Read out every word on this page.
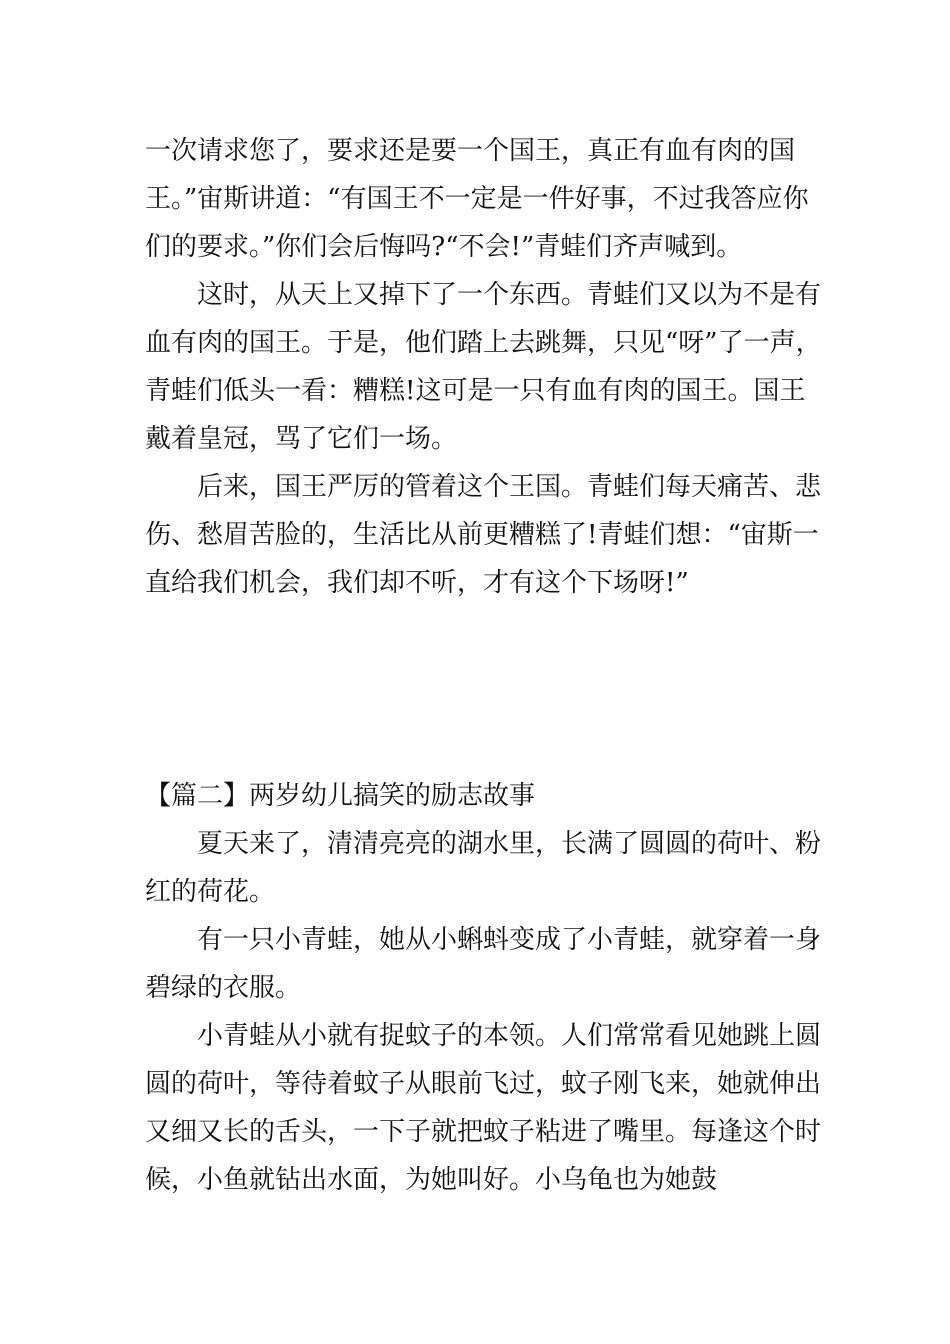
一次请求您了，要求还是要一个国王，真正有血有肉的国王。”宙斯讲道：“有国王不一定是一件好事，不过我答应你们的要求。”你们会后悔吗?“不会!”青蛙们齐声喊到。

这时，从天上又掉下了一个东西。青蛙们又以为不是有血有肉的国王。于是，他们踏上去跳舞，只见“呀”了一声，青蛙们低头一看：糟糕!这可是一只有血有肉的国王。国王戴着皇冠，骂了它们一场。

后来，国王严厉的管着这个王国。青蛙们每天痛苦、悲伤、愁眉苦脸的，生活比从前更糟糕了!青蛙们想：“宙斯一直给我们机会，我们却不听，才有这个下场呀!”

【篇二】两岁幼儿搞笑的励志故事

夏天来了，清清亮亮的湖水里，长满了圆圆的荷叶、粉红的荷花。

有一只小青蛙，她从小蝌蚪变成了小青蛙，就穿着一身碧绿的衣服。

小青蛙从小就有捉蚊子的本领。人们常常看见她跳上圆圆的荷叶，等待着蚊子从眼前飞过，蚊子刚飞来，她就伸出又细又长的舌头，一下子就把蚊子粘进了嘴里。每逢这个时候，小鱼就钻出水面，为她叫好。小乌龟也为她鼓
